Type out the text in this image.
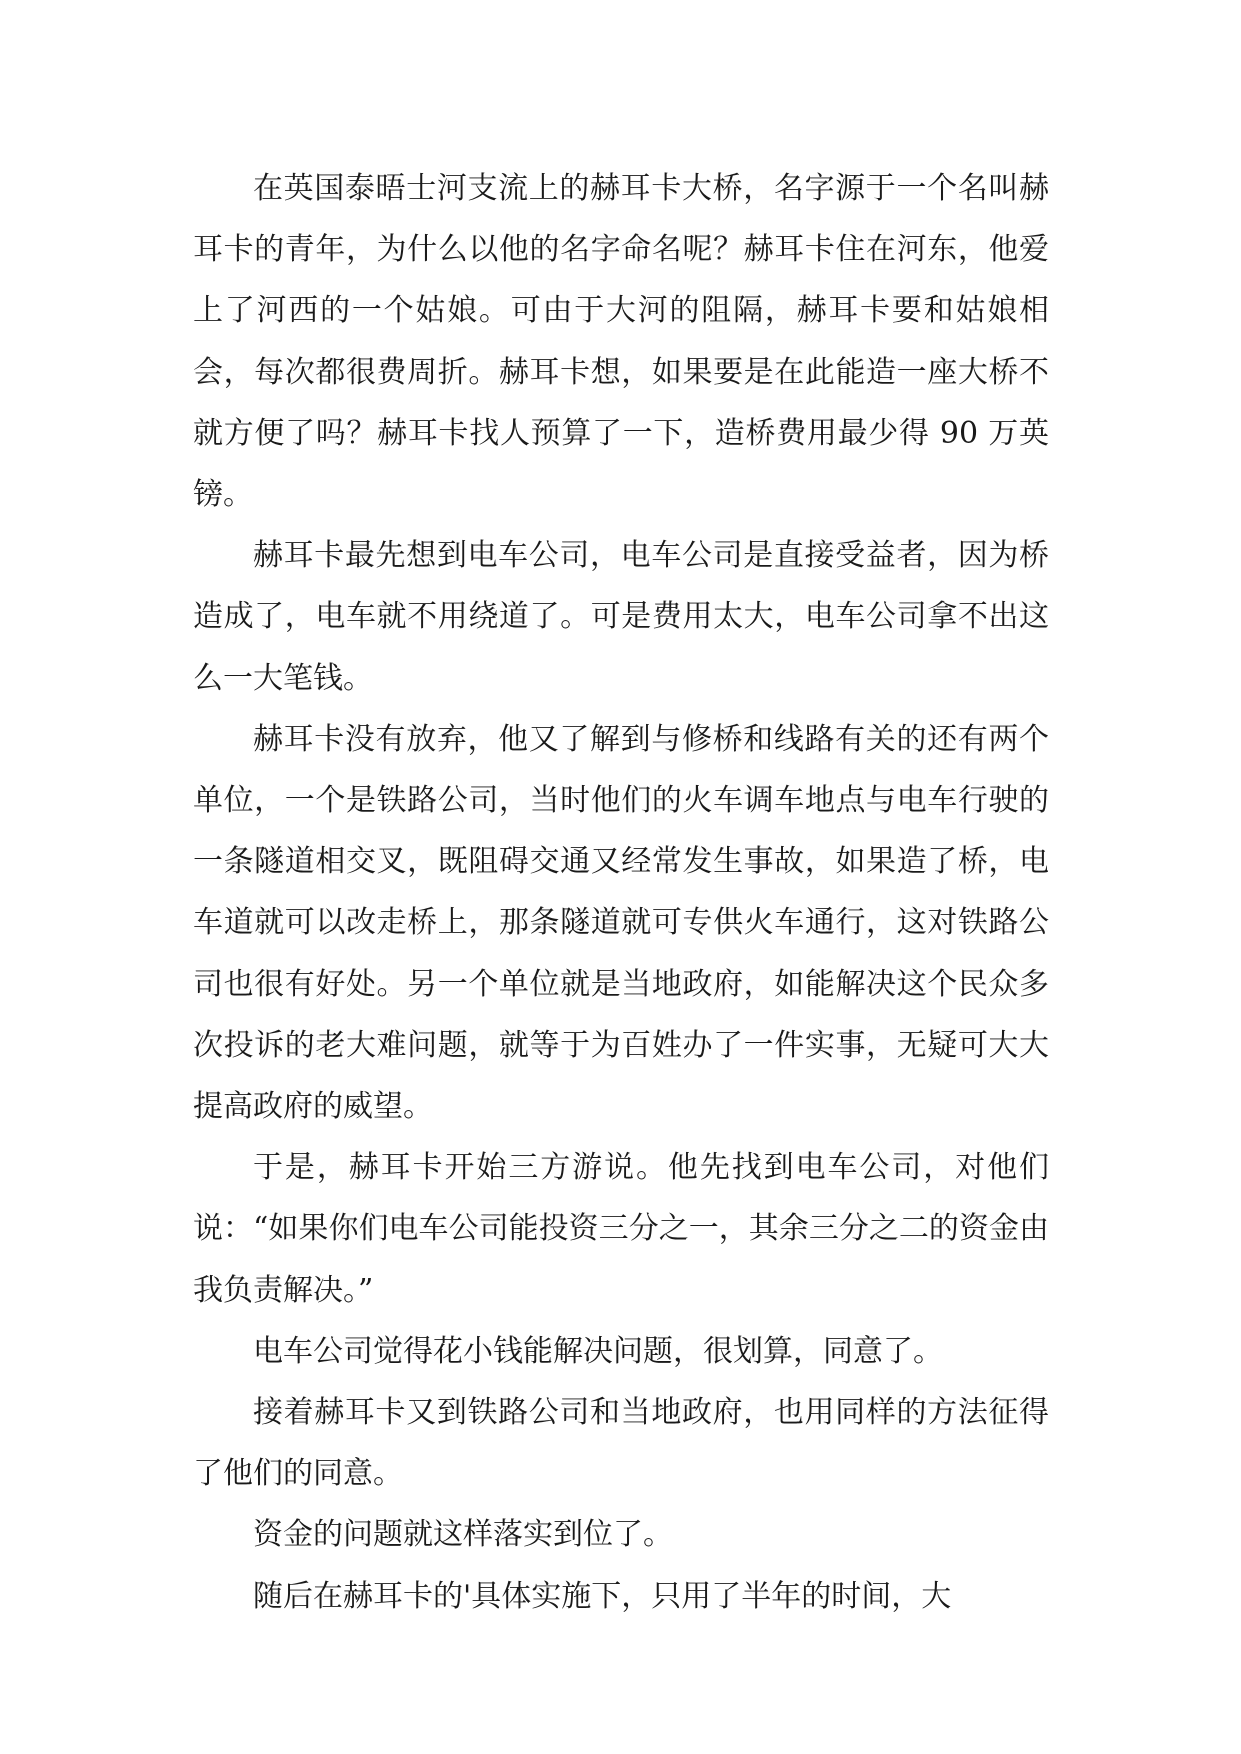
在英国泰晤士河支流上的赫耳卡大桥，名字源于一个名叫赫耳卡的青年，为什么以他的名字命名呢？赫耳卡住在河东，他爱上了河西的一个姑娘。可由于大河的阻隔，赫耳卡要和姑娘相会，每次都很费周折。赫耳卡想，如果要是在此能造一座大桥不就方便了吗？赫耳卡找人预算了一下，造桥费用最少得 90 万英镑。

赫耳卡最先想到电车公司，电车公司是直接受益者，因为桥造成了，电车就不用绕道了。可是费用太大，电车公司拿不出这么一大笔钱。

赫耳卡没有放弃，他又了解到与修桥和线路有关的还有两个单位，一个是铁路公司，当时他们的火车调车地点与电车行驶的一条隧道相交叉，既阻碍交通又经常发生事故，如果造了桥，电车道就可以改走桥上，那条隧道就可专供火车通行，这对铁路公司也很有好处。另一个单位就是当地政府，如能解决这个民众多次投诉的老大难问题，就等于为百姓办了一件实事，无疑可大大提高政府的威望。

于是，赫耳卡开始三方游说。他先找到电车公司，对他们说：“如果你们电车公司能投资三分之一，其余三分之二的资金由我负责解决。”

电车公司觉得花小钱能解决问题，很划算，同意了。

接着赫耳卡又到铁路公司和当地政府，也用同样的方法征得了他们的同意。

资金的问题就这样落实到位了。

随后在赫耳卡的'具体实施下，只用了半年的时间，大
